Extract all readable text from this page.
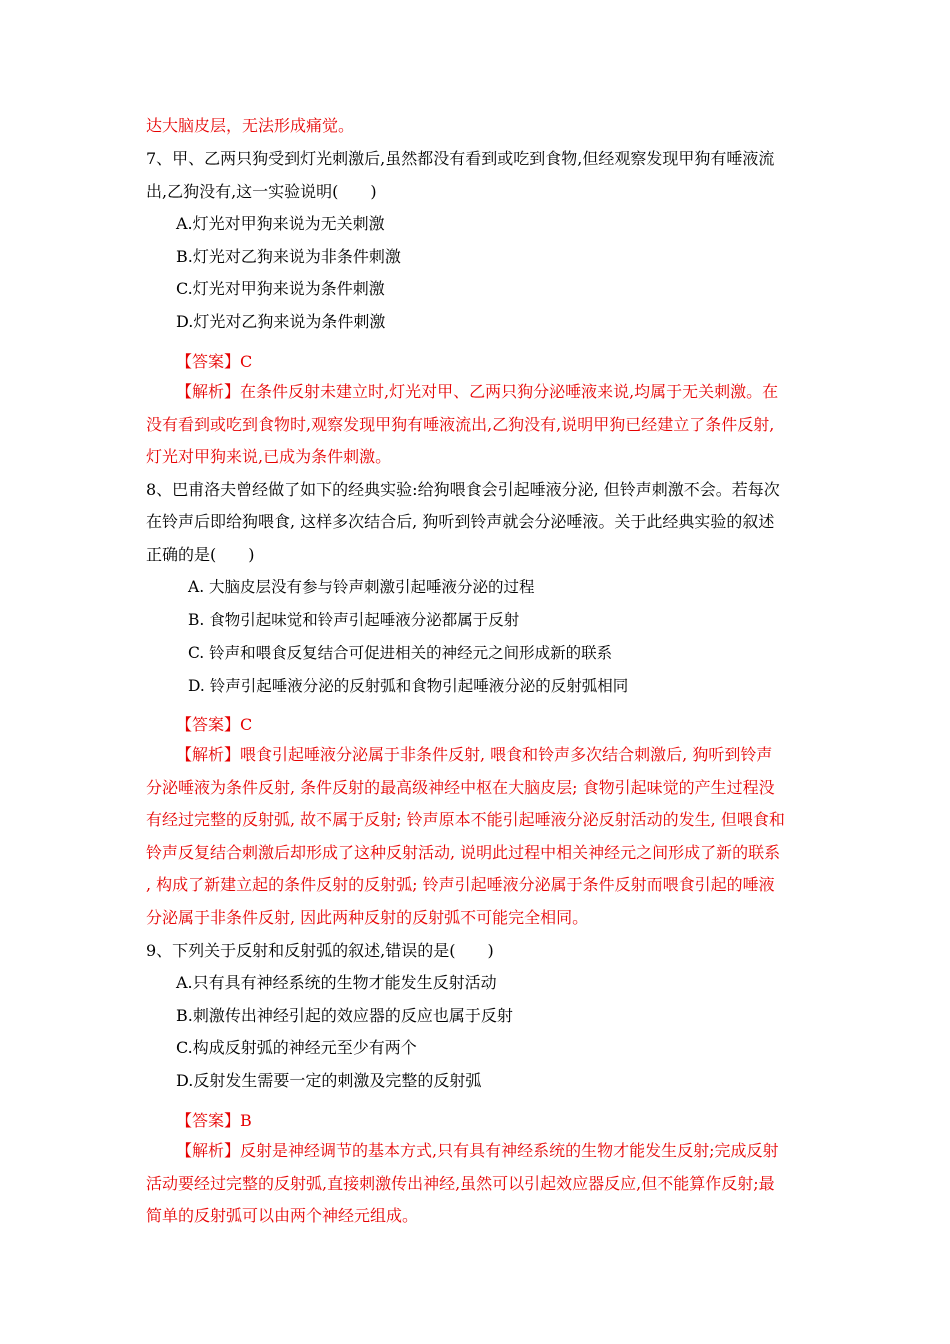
达大脑皮层，无法形成痛觉。
7、甲、乙两只狗受到灯光刺激后,虽然都没有看到或吃到食物,但经观察发现甲狗有唾液流
出,乙狗没有,这一实验说明(　　)
A.灯光对甲狗来说为无关刺激
B.灯光对乙狗来说为非条件刺激
C.灯光对甲狗来说为条件刺激
D.灯光对乙狗来说为条件刺激
【答案】C
【解析】在条件反射未建立时,灯光对甲、乙两只狗分泌唾液来说,均属于无关刺激。在
没有看到或吃到食物时,观察发现甲狗有唾液流出,乙狗没有,说明甲狗已经建立了条件反射,
灯光对甲狗来说,已成为条件刺激。
8、巴甫洛夫曾经做了如下的经典实验:给狗喂食会引起唾液分泌, 但铃声刺激不会。若每次
在铃声后即给狗喂食, 这样多次结合后, 狗听到铃声就会分泌唾液。关于此经典实验的叙述
正确的是(　　)
A. 大脑皮层没有参与铃声刺激引起唾液分泌的过程
B. 食物引起味觉和铃声引起唾液分泌都属于反射
C. 铃声和喂食反复结合可促进相关的神经元之间形成新的联系
D. 铃声引起唾液分泌的反射弧和食物引起唾液分泌的反射弧相同
【答案】C
【解析】喂食引起唾液分泌属于非条件反射, 喂食和铃声多次结合刺激后, 狗听到铃声
分泌唾液为条件反射, 条件反射的最高级神经中枢在大脑皮层; 食物引起味觉的产生过程没
有经过完整的反射弧, 故不属于反射; 铃声原本不能引起唾液分泌反射活动的发生, 但喂食和
铃声反复结合刺激后却形成了这种反射活动, 说明此过程中相关神经元之间形成了新的联系
, 构成了新建立起的条件反射的反射弧; 铃声引起唾液分泌属于条件反射而喂食引起的唾液
分泌属于非条件反射, 因此两种反射的反射弧不可能完全相同。
9、下列关于反射和反射弧的叙述,错误的是(　　)
A.只有具有神经系统的生物才能发生反射活动
B.刺激传出神经引起的效应器的反应也属于反射
C.构成反射弧的神经元至少有两个
D.反射发生需要一定的刺激及完整的反射弧
【答案】B
【解析】反射是神经调节的基本方式,只有具有神经系统的生物才能发生反射;完成反射
活动要经过完整的反射弧,直接刺激传出神经,虽然可以引起效应器反应,但不能算作反射;最
简单的反射弧可以由两个神经元组成。
